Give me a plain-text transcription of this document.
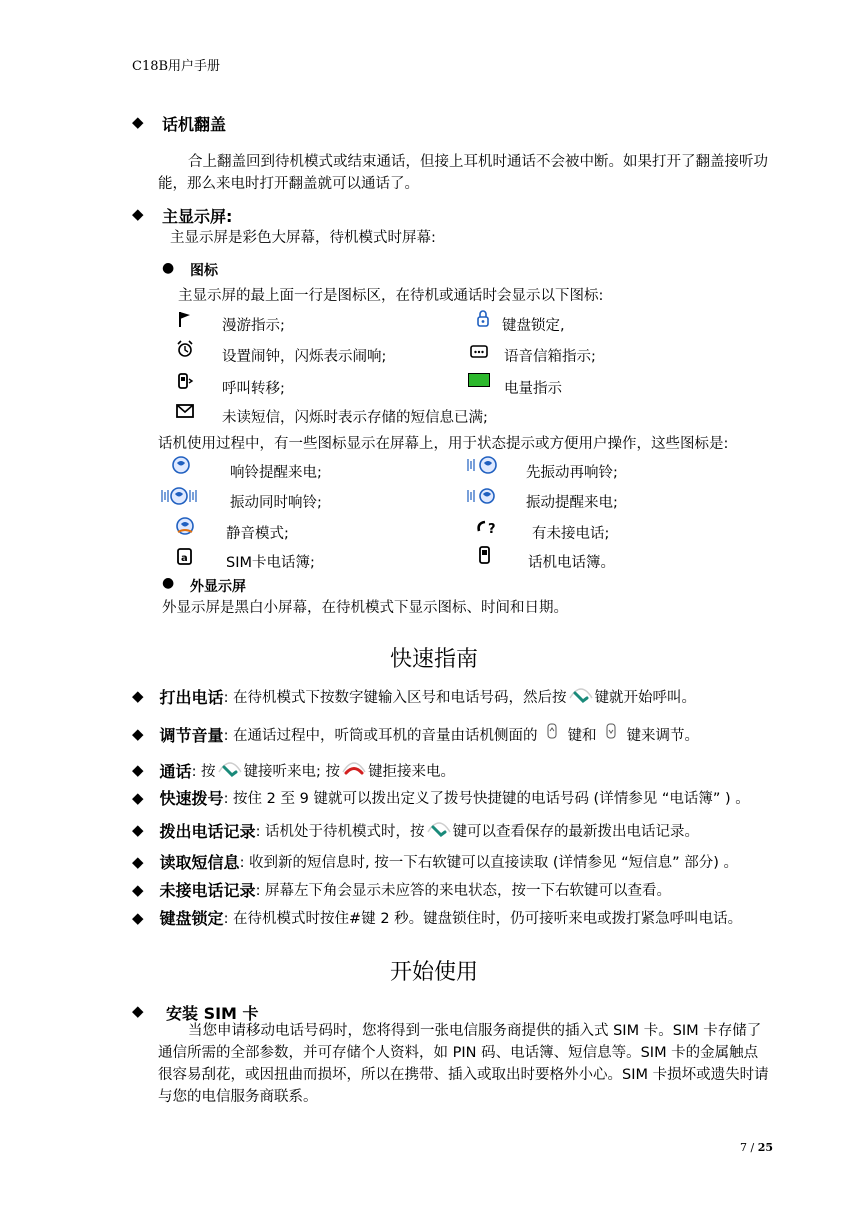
C18B用户手册
◆ 话机翻盖
合上翻盖回到待机模式或结束通话，但接上耳机时通话不会被中断。如果打开了翻盖接听功能，那么来电时打开翻盖就可以通话了。
◆ 主显示屏:
主显示屏是彩色大屏幕，待机模式时屏幕:
● 图标
主显示屏的最上面一行是图标区，在待机或通话时会显示以下图标:
漫游指示;	键盘锁定,
设置闹钟，闪烁表示闹响;	语音信箱指示;
呼叫转移;	电量指示
未读短信，闪烁时表示存储的短信息已满;
话机使用过程中，有一些图标显示在屏幕上，用于状态提示或方便用户操作，这些图标是:
响铃提醒来电;	先振动再响铃;
振动同时响铃;	振动提醒来电;
静音模式;	?	有未接电话;
a	SIM卡电话簿;	话机电话簿。
● 外显示屏
外显示屏是黑白小屏幕，在待机模式下显示图标、时间和日期。
快速指南
◆ 打出电话 : 在待机模式下按数字键输入区号和电话号码，然后按 键就开始呼叫。
◆ 调节音量 : 在通话过程中，听筒或耳机的音量由话机侧面的 键和 键来调节。
◆ 通话 : 按 键接听来电; 按 键拒接来电。
◆ 快速拨号 : 按住 2 至 9 键就可以拨出定义了拨号快捷键的电话号码 (详情参见 “电话簿” ) 。
◆ 拨出电话记录 : 话机处于待机模式时，按 键可以查看保存的最新拨出电话记录。
◆ 读取短信息 : 收到新的短信息时, 按一下右软键可以直接读取 (详情参见 “短信息” 部分) 。
◆ 未接电话记录 : 屏幕左下角会显示未应答的来电状态，按一下右软键可以查看。
◆ 键盘锁定 : 在待机模式时按住#键 2 秒。键盘锁住时，仍可接听来电或拨打紧急呼叫电话。
开始使用
◆ 安装 SIM 卡
当您申请移动电话号码时，您将得到一张电信服务商提供的插入式 SIM 卡。SIM 卡存储了通信所需的全部参数，并可存储个人资料，如 PIN 码、电话簿、短信息等。SIM 卡的金属触点很容易刮花，或因扭曲而损坏，所以在携带、插入或取出时要格外小心。SIM 卡损坏或遗失时请与您的电信服务商联系。
7 / 25
